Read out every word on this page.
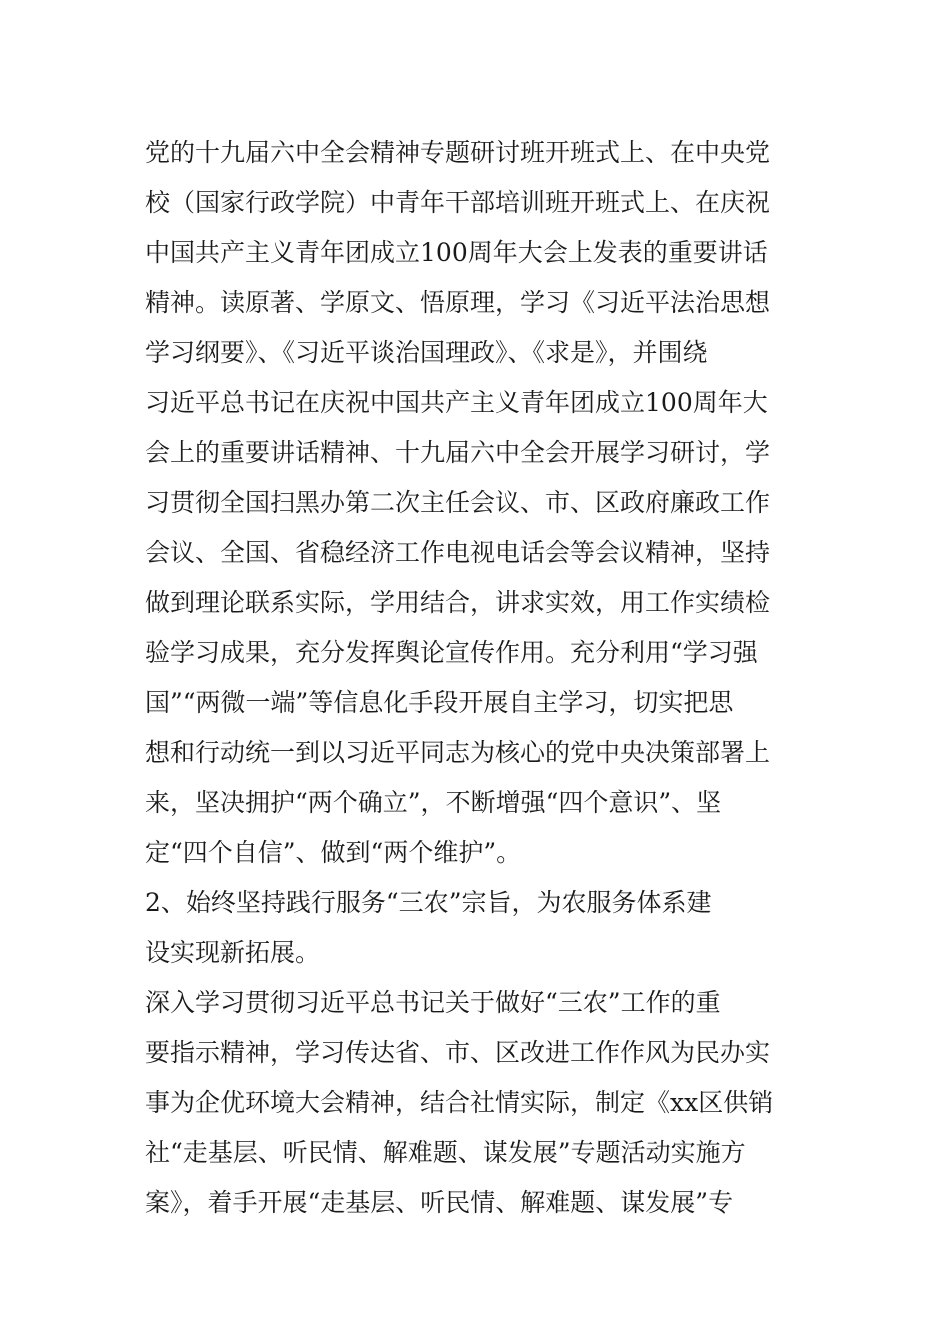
党的十九届六中全会精神专题研讨班开班式上、在中央党
校（国家行政学院）中青年干部培训班开班式上、在庆祝
中国共产主义青年团成立100周年大会上发表的重要讲话
精神。读原著、学原文、悟原理，学习《习近平法治思想
学习纲要》、《习近平谈治国理政》、《求是》，并围绕
习近平总书记在庆祝中国共产主义青年团成立100周年大
会上的重要讲话精神、十九届六中全会开展学习研讨，学
习贯彻全国扫黑办第二次主任会议、市、区政府廉政工作
会议、全国、省稳经济工作电视电话会等会议精神，坚持
做到理论联系实际，学用结合，讲求实效，用工作实绩检
验学习成果，充分发挥舆论宣传作用。充分利用“学习强
国”“两微一端”等信息化手段开展自主学习，切实把思
想和行动统一到以习近平同志为核心的党中央决策部署上
来，坚决拥护“两个确立”，不断增强“四个意识”、坚
定“四个自信”、做到“两个维护”。
2、始终坚持践行服务“三农”宗旨，为农服务体系建
设实现新拓展。
深入学习贯彻习近平总书记关于做好“三农”工作的重
要指示精神，学习传达省、市、区改进工作作风为民办实
事为企优环境大会精神，结合社情实际，制定《xx区供销
社“走基层、听民情、解难题、谋发展”专题活动实施方
案》，着手开展“走基层、听民情、解难题、谋发展”专
